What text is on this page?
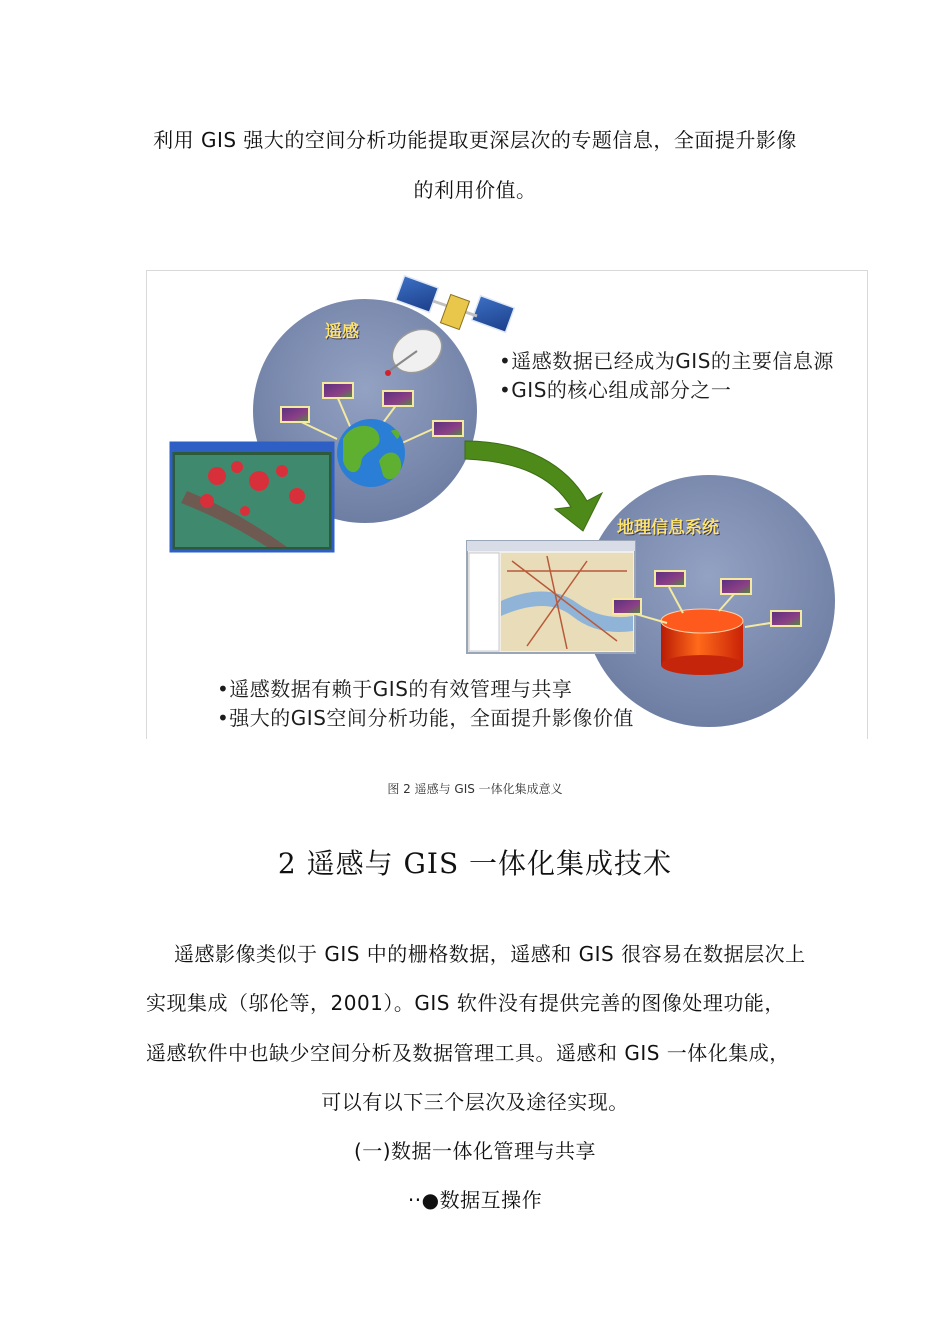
利用 GIS 强大的空间分析功能提取更深层次的专题信息，全面提升影像
的利用价值。
遥感
地理信息系统
•遥感数据已经成为GIS的主要信息源
•GIS的核心组成部分之一
•遥感数据有赖于GIS的有效管理与共享
•强大的GIS空间分析功能，全面提升影像价值
图 2 遥感与 GIS 一体化集成意义
2 遥感与 GIS 一体化集成技术
遥感影像类似于 GIS 中的栅格数据，遥感和 GIS 很容易在数据层次上
实现集成（邬伦等，2001）。GIS 软件没有提供完善的图像处理功能，
遥感软件中也缺少空间分析及数据管理工具。遥感和 GIS 一体化集成，
可以有以下三个层次及途径实现。
(一)数据一体化管理与共享
··●数据互操作
